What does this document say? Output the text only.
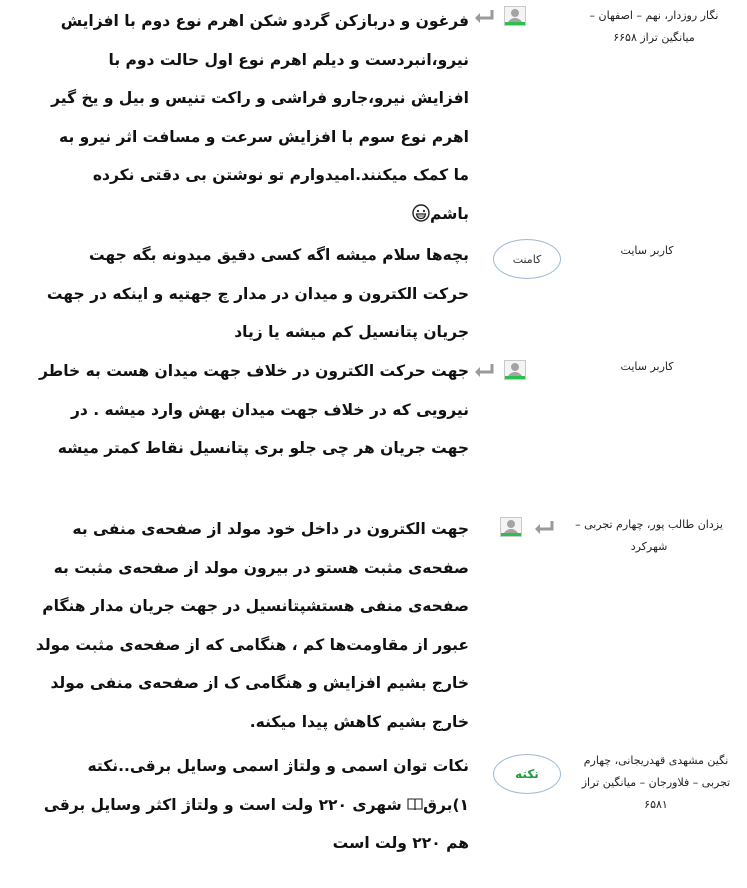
نگار روزدار، نهم – اصفهان – میانگین تراز ۶۶۵۸
فرغون و دربازکن گردو شکن اهرم نوع دوم با افزایش نیرو،انبردست و دیلم اهرم نوع اول حالت دوم با افزایش نیرو،جارو فراشی و راکت تنیس و بیل و یخ گیر اهرم نوع سوم با افزایش سرعت و مسافت اثر نیرو به ما کمک میکنند.امیدوارم تو نوشتن بی دقتی نکرده باشم
کاربر سایت
کامنت
بچه‌ها سلام میشه اگه کسی دقیق میدونه بگه جهت حرکت الکترون و میدان در مدار چ جهتیه و اینکه در جهت جریان پتانسیل کم میشه یا زیاد
کاربر سایت
جهت حرکت الکترون در خلاف جهت میدان هست به خاطر نیرویی که در خلاف جهت میدان بهش وارد میشه . در جهت جریان هر چی جلو بری پتانسیل نقاط کمتر میشه
یزدان طالب پور، چهارم تجربی – شهرکرد
جهت الکترون در داخل خود مولد از صفحه‌ی منفی به صفحه‌ی مثبت هستو در بیرون مولد از صفحه‌ی مثبت به صفحه‌ی منفی هستشپتانسیل در جهت جریان مدار هنگام عبور از مقاومت‌ها کم ، هنگامی که از صفحه‌ی مثبت مولد خارج بشیم افزایش و هنگامی ک از صفحه‌ی منفی مولد خارج بشیم کاهش پیدا میکنه.
نگین مشهدی قهدریجانی، چهارم تجربی – فلاورجان – میانگین تراز ۶۵۸۱
نکته
نکات توان اسمی و ولتاژ اسمی وسایل برقی..نکته ۱)برق شهری ۲۲۰ ولت است و ولتاژ اکثر وسایل برقی هم ۲۲۰ ولت است
